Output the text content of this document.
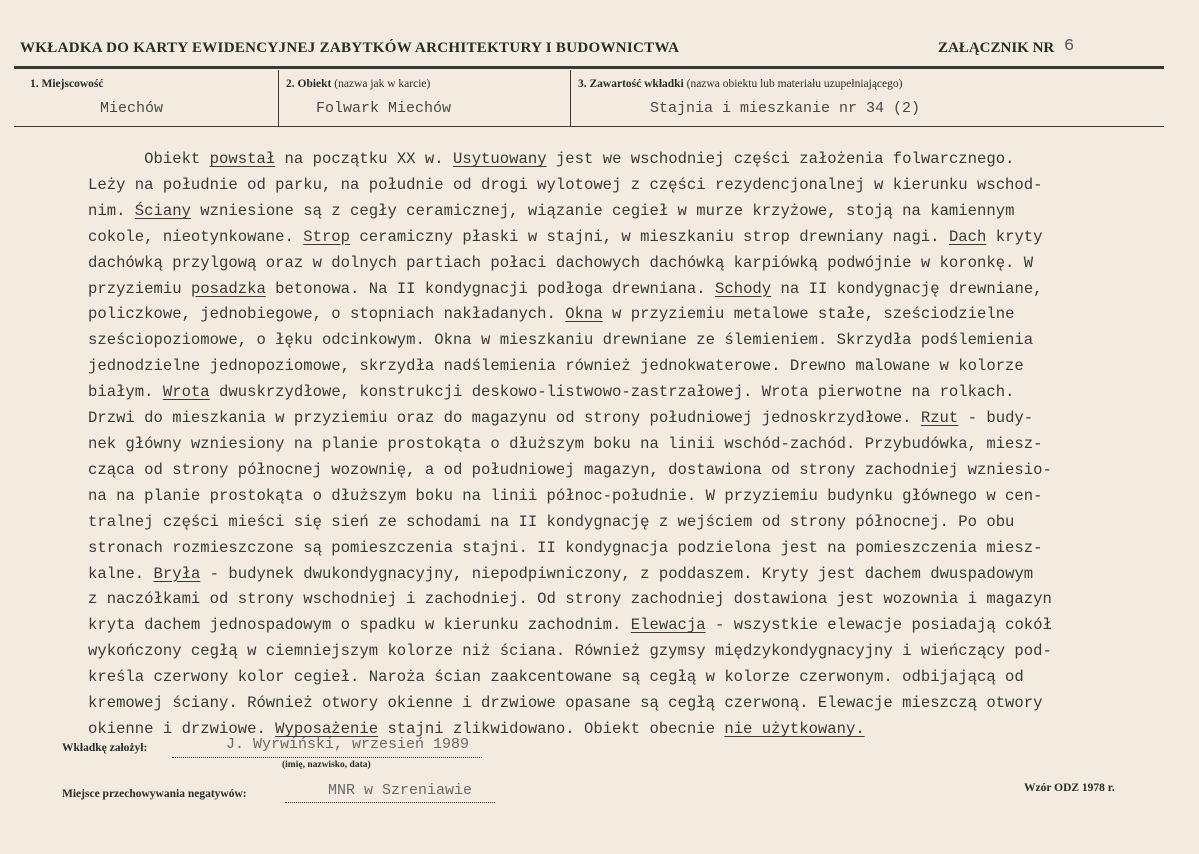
WKŁADKA DO KARTY EWIDENCYJNEJ ZABYTKÓW ARCHITEKTURY I BUDOWNICTWA	ZAŁĄCZNIK NR 6
1. Miejscowość
Miechów
2. Obiekt (nazwa jak w karcie)
Folwark Miechów
3. Zawartość wkładki (nazwa obiektu lub materiału uzupełniającego)
Stajnia i mieszkanie nr 34 (2)
Obiekt powstał na początku XX w. Usytuowany jest we wschodniej części założenia folwarcznego.
Leży na południe od parku, na południe od drogi wylotowej z części rezydencjonalnej w kierunku wschod-
nim. Ściany wzniesione są z cegły ceramicznej, wiązanie cegieł w murze krzyżowe, stoją na kamiennym
cokole, nieotynkowane. Strop ceramiczny płaski w stajni, w mieszkaniu strop drewniany nagi. Dach kryty
dachówką przylgową oraz w dolnych partiach połaci dachowych dachówką karpiówką podwójnie w koronkę. W
przyziemiu posadzka betonowa. Na II kondygnacji podłoga drewniana. Schody na II kondygnację drewniane,
policzkowe, jednobiegowe, o stopniach nakładanych. Okna w przyziemiu metalowe stałe, sześciodzielne
sześciopoziomowe, o łęku odcinkowym. Okna w mieszkaniu drewniane ze ślemieniem. Skrzydła podślemienia
jednodzielne jednopoziomowe, skrzydła nadślemienia również jednokwaterowe. Drewno malowane w kolorze
białym. Wrota dwuskrzydłowe, konstrukcji deskowo-listwowo-zastrzałowej. Wrota pierwotne na rolkach.
Drzwi do mieszkania w przyziemiu oraz do magazynu od strony południowej jednoskrzydłowe. Rzut - budy-
nek główny wzniesiony na planie prostokąta o dłuższym boku na linii wschód-zachód. Przybudówka, miesz-
cząca od strony północnej wozownię, a od południowej magazyn, dostawiona od strony zachodniej wzniesio-
na na planie prostokąta o dłuższym boku na linii północ-południe. W przyziemiu budynku głównego w cen-
tralnej części mieści się sień ze schodami na II kondygnację z wejściem od strony północnej. Po obu
stronach rozmieszczone są pomieszczenia stajni. II kondygnacja podzielona jest na pomieszczenia miesz-
kalne. Bryła - budynek dwukondygnacyjny, niepodpiwniczony, z poddaszem. Kryty jest dachem dwuspadowym
z naczółkami od strony wschodniej i zachodniej. Od strony zachodniej dostawiona jest wozownia i magazyn
kryta dachem jednospadowym o spadku w kierunku zachodnim. Elewacja - wszystkie elewacje posiadają cokół
wykończony cegłą w ciemniejszym kolorze niż ściana. Również gzymsy międzykondygnacyjny i wieńczący pod-
kreśla czerwony kolor cegieł. Naroża ścian zaakcentowane są cegłą w kolorze czerwonym. odbijającą od
kremowej ściany. Również otwory okienne i drzwiowe opasane są cegłą czerwoną. Elewacje mieszczą otwory
okienne i drzwiowe. Wyposażenie stajni zlikwidowano. Obiekt obecnie nie użytkowany.
Wkładkę założył:	J. Wyrwiński, wrzesień 1989
(imię, nazwisko, data)
Miejsce przechowywania negatywów:	MNR w Szreniawie	Wzór ODZ 1978 r.
